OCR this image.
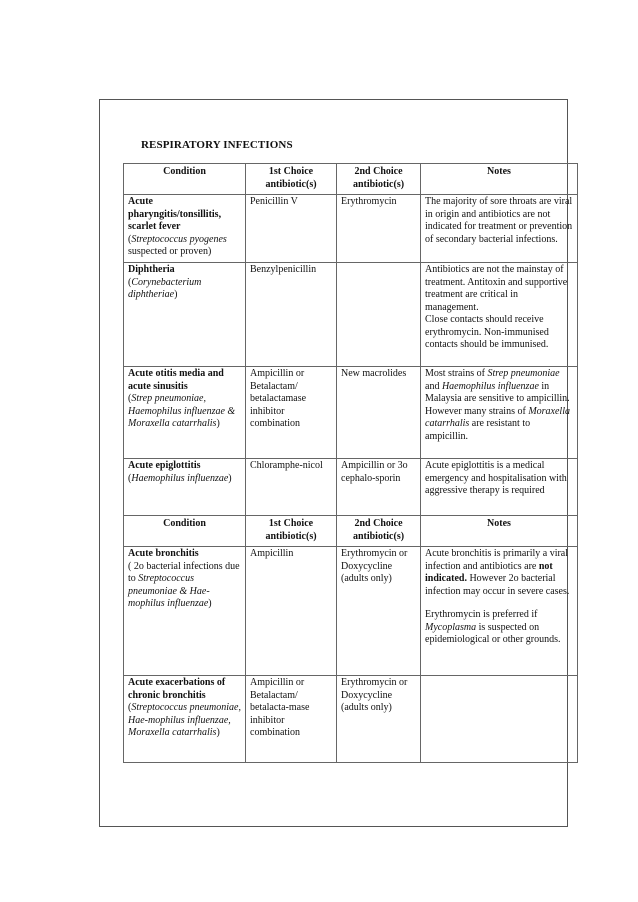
RESPIRATORY INFECTIONS
Condition	1st Choice antibiotic(s)	2nd Choice antibiotic(s)	Notes

Acute pharyngitis/tonsillitis, scarlet fever
(Streptococcus pyogenes suspected or proven)	Penicillin V	Erythromycin	The majority of sore throats are viral in origin and antibiotics are not indicated for treatment or prevention of secondary bacterial infections.

Diphtheria
(Corynebacterium diphtheriae)	Benzylpenicillin		Antibiotics are not the mainstay of treatment. Antitoxin and supportive treatment are critical in management.
Close contacts should receive erythromycin. Non-immunised contacts should be immunised.

Acute otitis media and acute sinusitis
(Strep pneumoniae, Haemophilus influenzae & Moraxella catarrhalis)	Ampicillin or Betalactam/ betalactamase inhibitor combination	New macrolides	Most strains of Strep pneumoniae and Haemophilus influenzae in Malaysia are sensitive to ampicillin. However many strains of Moraxella catarrhalis are resistant to ampicillin.

Acute epiglottitis
(Haemophilus influenzae)	Chloramphe-nicol	Ampicillin or 3o cephalo-sporin	Acute epiglottitis is a medical emergency and hospitalisation with aggressive therapy is required
Condition	1st Choice antibiotic(s)	2nd Choice antibiotic(s)	Notes

Acute bronchitis
( 2o bacterial infections due to Streptococcus pneumoniae & Hae-mophilus influenzae)	Ampicillin	Erythromycin or Doxycycline (adults only)	Acute bronchitis is primarily a viral infection and antibiotics are not indicated. However 2o bacterial infection may occur in severe cases.
Erythromycin is preferred if Mycoplasma is suspected on epidemiological or other grounds.

Acute exacerbations of chronic bronchitis
(Streptococcus pneumoniae, Hae-mophilus influenzae, Moraxella catarrhalis)	Ampicillin or Betalactam/ betalacta-mase inhibitor combination	Erythromycin or Doxycycline (adults only)	
